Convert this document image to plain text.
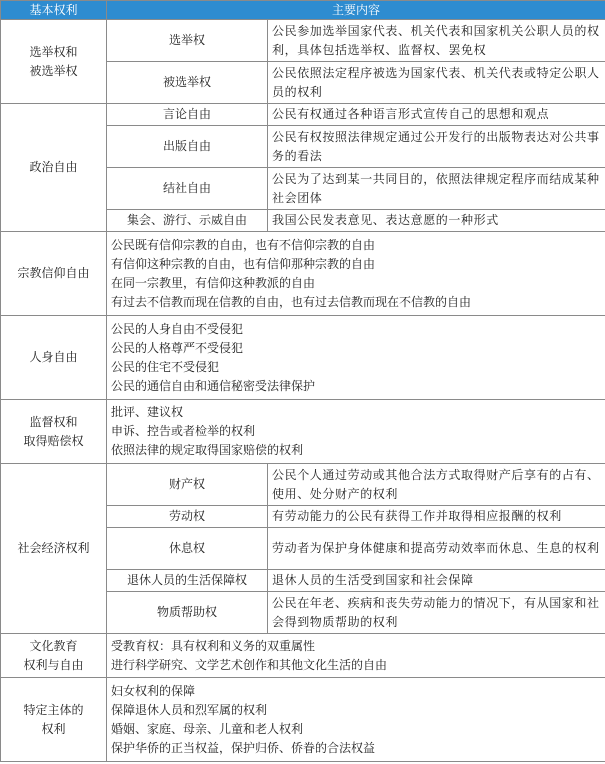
基本权利	主要内容	

选举权和
被选举权	选举权	公民参加选举国家代表、机关代表和国家机关公职人员的权利，具体包括选举权、监督权、罢免权
	被选举权	公民依照法定程序被选为国家代表、机关代表或特定公职人员的权利
政治自由	言论自由	公民有权通过各种语言形式宣传自己的思想和观点
	出版自由	公民有权按照法律规定通过公开发行的出版物表达对公共事务的看法
	结社自由	公民为了达到某一共同目的，依照法律规定程序而结成某种社会团体
	集会、游行、示威自由	我国公民发表意见、表达意愿的一种形式
宗教信仰自由	公民既有信仰宗教的自由，也有不信仰宗教的自由
有信仰这种宗教的自由，也有信仰那种宗教的自由
在同一宗教里，有信仰这种教派的自由
有过去不信教而现在信教的自由，也有过去信教而现在不信教的自由	

人身自由	公民的人身自由不受侵犯
公民的人格尊严不受侵犯
公民的住宅不受侵犯
公民的通信自由和通信秘密受法律保护	

监督权和
取得赔偿权	批评、建议权
申诉、控告或者检举的权利
依照法律的规定取得国家赔偿的权利	

社会经济权利	财产权	公民个人通过劳动或其他合法方式取得财产后享有的占有、使用、处分财产的权利
	劳动权	有劳动能力的公民有获得工作并取得相应报酬的权利
	休息权	劳动者为保护身体健康和提高劳动效率而休息、生息的权利
	退休人员的生活保障权	退休人员的生活受到国家和社会保障
	物质帮助权	公民在年老、疾病和丧失劳动能力的情况下，有从国家和社会得到物质帮助的权利

文化教育
权利与自由	受教育权：具有权利和义务的双重属性
进行科学研究、文学艺术创作和其他文化生活的自由	

特定主体的
权利	妇女权利的保障
保障退休人员和烈军属的权利
婚姻、家庭、母亲、儿童和老人权利
保护华侨的正当权益，保护归侨、侨眷的合法权益	
